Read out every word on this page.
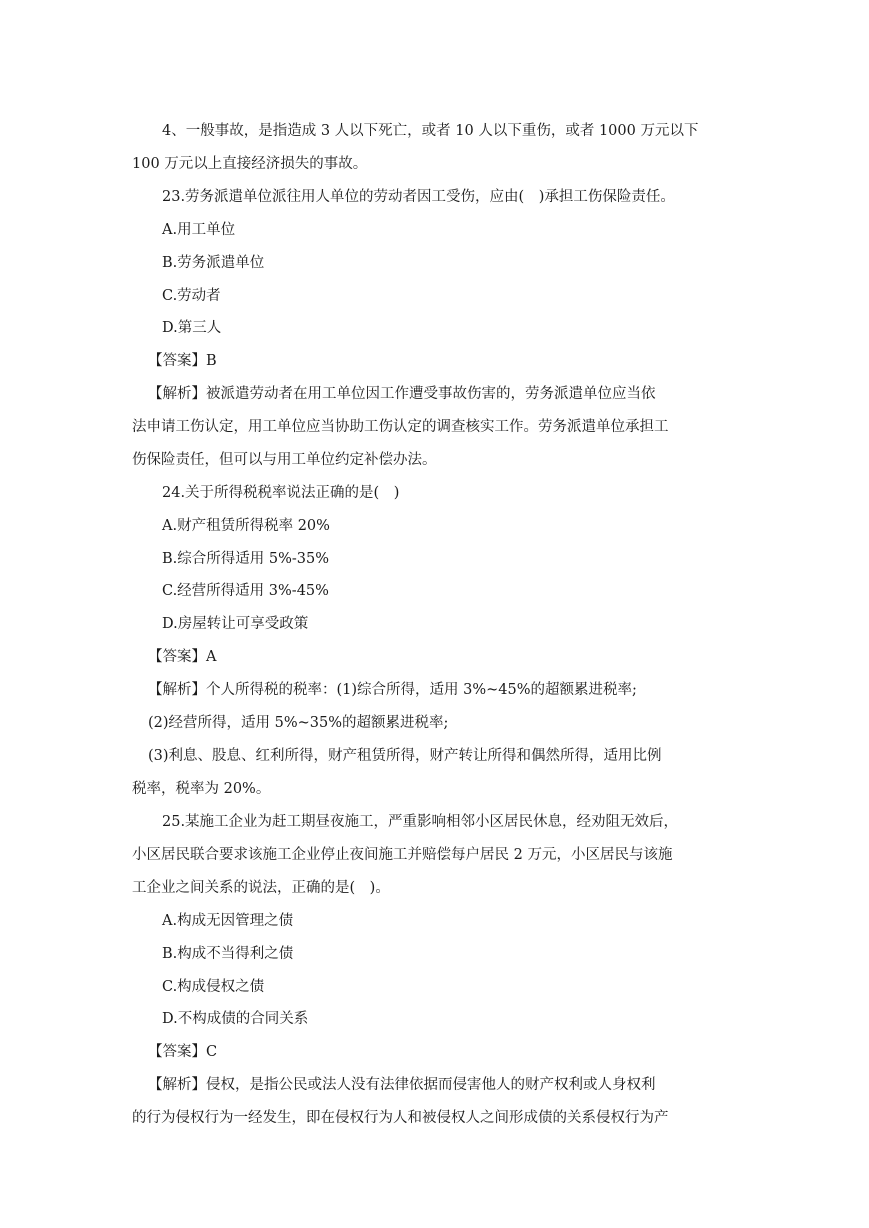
4、一般事故，是指造成 3 人以下死亡，或者 10 人以下重伤，或者 1000 万元以下
100 万元以上直接经济损失的事故。
23.劳务派遣单位派往用人单位的劳动者因工受伤，应由(　)承担工伤保险责任。
A.用工单位
B.劳务派遣单位
C.劳动者
D.第三人
【答案】B
【解析】被派遣劳动者在用工单位因工作遭受事故伤害的，劳务派遣单位应当依
法申请工伤认定，用工单位应当协助工伤认定的调查核实工作。劳务派遣单位承担工
伤保险责任，但可以与用工单位约定补偿办法。
24.关于所得税税率说法正确的是(　)
A.财产租赁所得税率 20%
B.综合所得适用 5%-35%
C.经营所得适用 3%-45%
D.房屋转让可享受政策
【答案】A
【解析】个人所得税的税率：(1)综合所得，适用 3%~45%的超额累进税率;
(2)经营所得，适用 5%~35%的超额累进税率;
(3)利息、股息、红利所得，财产租赁所得，财产转让所得和偶然所得，适用比例
税率，税率为 20%。
25.某施工企业为赶工期昼夜施工，严重影响相邻小区居民休息，经劝阻无效后，
小区居民联合要求该施工企业停止夜间施工并赔偿每户居民 2 万元，小区居民与该施
工企业之间关系的说法，正确的是(　)。
A.构成无因管理之债
B.构成不当得利之债
C.构成侵权之债
D.不构成债的合同关系
【答案】C
【解析】侵权，是指公民或法人没有法律依据而侵害他人的财产权利或人身权利
的行为侵权行为一经发生，即在侵权行为人和被侵权人之间形成债的关系侵权行为产
